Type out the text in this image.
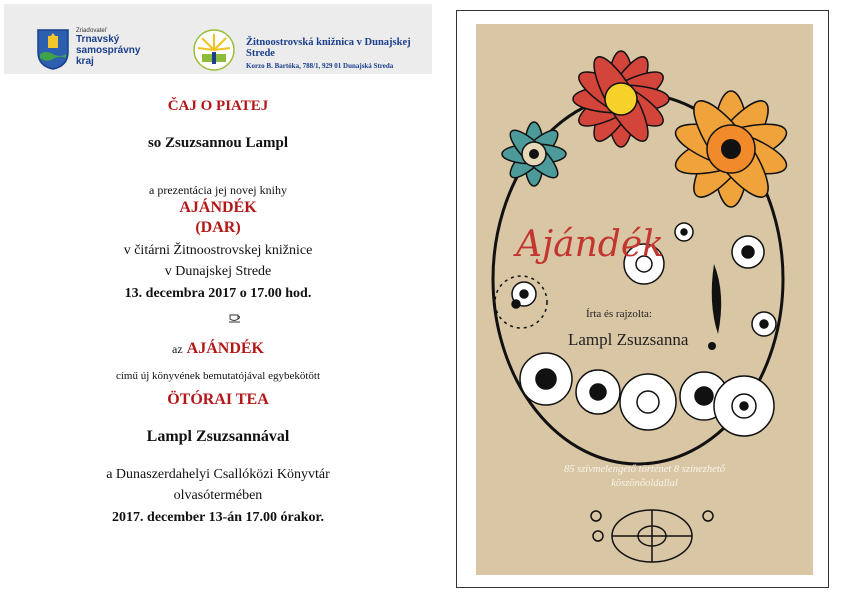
Zriaďovateľ
Trnavský
samosprávny
kraj
Žitnoostrovská knižnica v Dunajskej Strede
Korzo B. Bartóka, 788/1, 929 01 Dunajská Streda
ČAJ O PIATEJ
so Zsuzsannou Lampl
a prezentácia jej novej knihy
AJÁNDÉK
(DAR)
v čitárni Žitnoostrovskej knižnice
v Dunajskej Strede
13. decembra 2017 o 17.00 hod.
az AJÁNDÉK
című új könyvének bemutatójával egybekötött
ÖTÓRAI TEA
Lampl Zsuzsannával
a Dunaszerdahelyi Csallóközi Könyvtár
olvasótermében
2017. december 13-án 17.00 órakor.
Ajándék
Írta és rajzolta:
Lampl Zsuzsanna
85 szívmelengető történet 8 színezhető
köszönőoldallal
